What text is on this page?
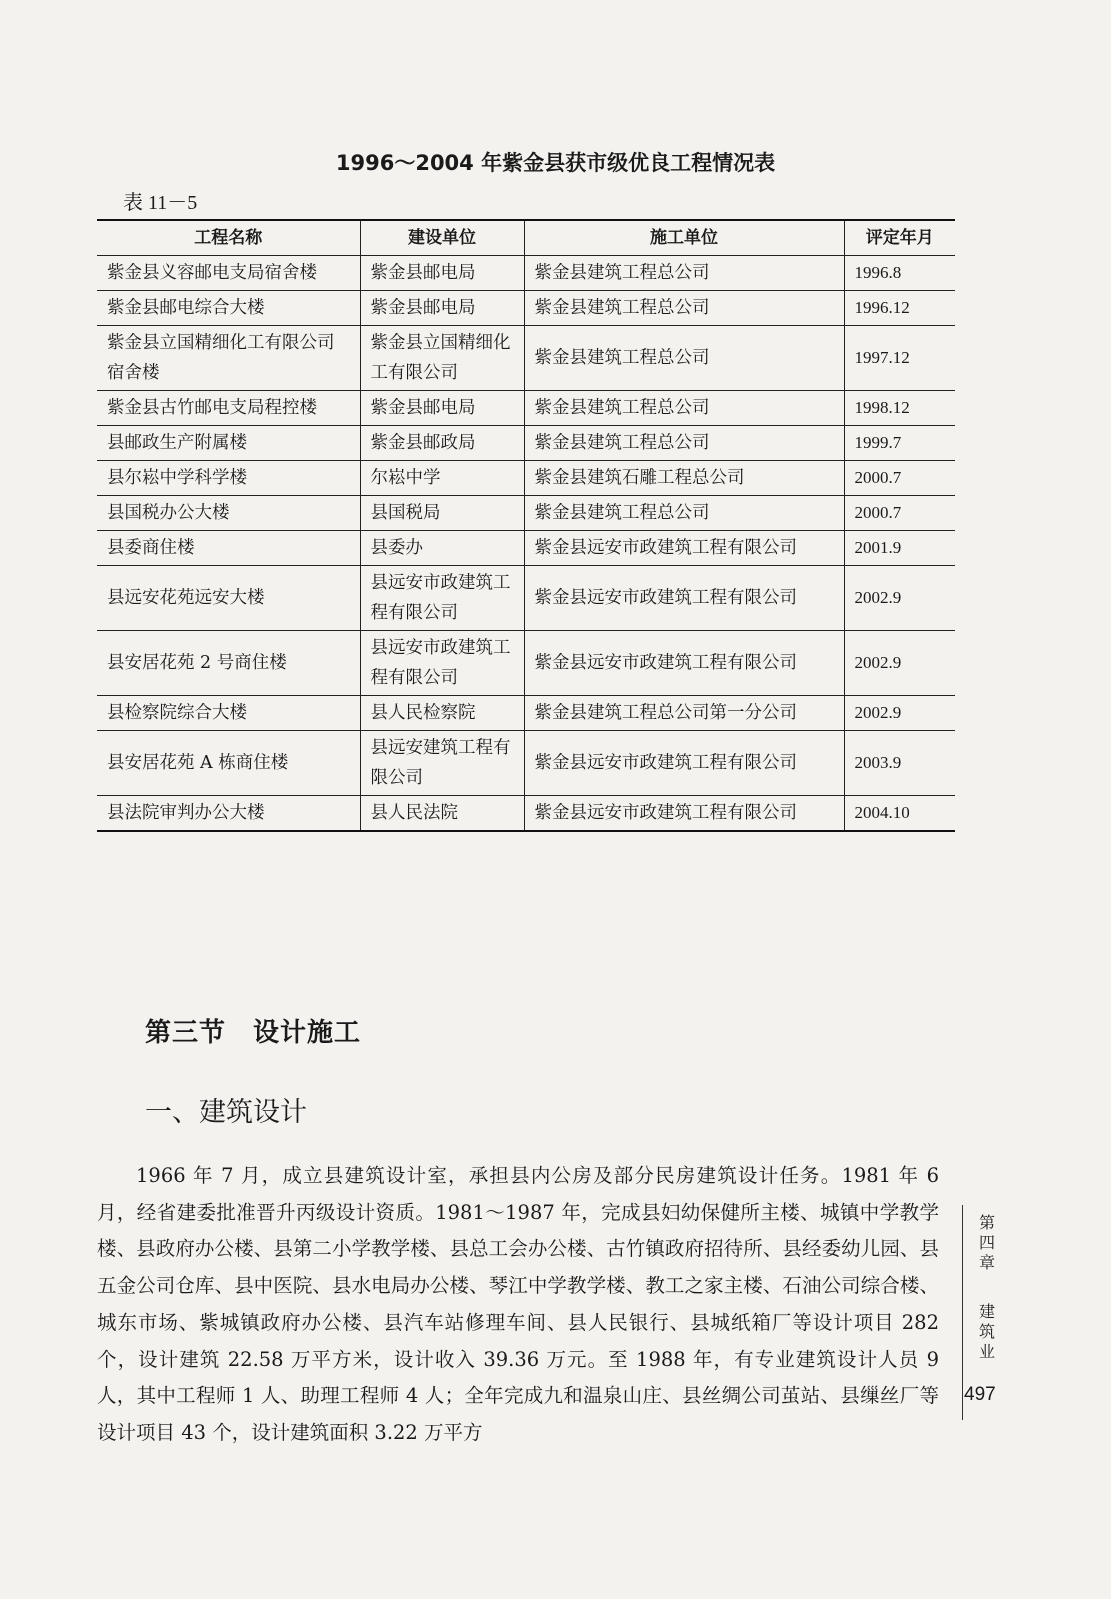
1996～2004 年紫金县获市级优良工程情况表
表 11－5
工程名称	建设单位	施工单位	评定年月
紫金县义容邮电支局宿舍楼	紫金县邮电局	紫金县建筑工程总公司	1996.8
紫金县邮电综合大楼	紫金县邮电局	紫金县建筑工程总公司	1996.12
紫金县立国精细化工有限公司宿舍楼	紫金县立国精细化工有限公司	紫金县建筑工程总公司	1997.12
紫金县古竹邮电支局程控楼	紫金县邮电局	紫金县建筑工程总公司	1998.12
县邮政生产附属楼	紫金县邮政局	紫金县建筑工程总公司	1999.7
县尔崧中学科学楼	尔崧中学	紫金县建筑石雕工程总公司	2000.7
县国税办公大楼	县国税局	紫金县建筑工程总公司	2000.7
县委商住楼	县委办	紫金县远安市政建筑工程有限公司	2001.9
县远安花苑远安大楼	县远安市政建筑工程有限公司	紫金县远安市政建筑工程有限公司	2002.9
县安居花苑 2 号商住楼	县远安市政建筑工程有限公司	紫金县远安市政建筑工程有限公司	2002.9
县检察院综合大楼	县人民检察院	紫金县建筑工程总公司第一分公司	2002.9
县安居花苑 A 栋商住楼	县远安建筑工程有限公司	紫金县远安市政建筑工程有限公司	2003.9
县法院审判办公大楼	县人民法院	紫金县远安市政建筑工程有限公司	2004.10
第三节　设计施工
一、建筑设计
1966 年 7 月，成立县建筑设计室，承担县内公房及部分民房建筑设计任务。1981 年 6 月，经省建委批准晋升丙级设计资质。1981～1987 年，完成县妇幼保健所主楼、城镇中学教学楼、县政府办公楼、县第二小学教学楼、县总工会办公楼、古竹镇政府招待所、县经委幼儿园、县五金公司仓库、县中医院、县水电局办公楼、琴江中学教学楼、教工之家主楼、石油公司综合楼、城东市场、紫城镇政府办公楼、县汽车站修理车间、县人民银行、县城纸箱厂等设计项目 282 个，设计建筑 22.58 万平方米，设计收入 39.36 万元。至 1988 年，有专业建筑设计人员 9 人，其中工程师 1 人、助理工程师 4 人；全年完成九和温泉山庄、县丝绸公司茧站、县缫丝厂等设计项目 43 个，设计建筑面积 3.22 万平方
第四章
建筑业
497
